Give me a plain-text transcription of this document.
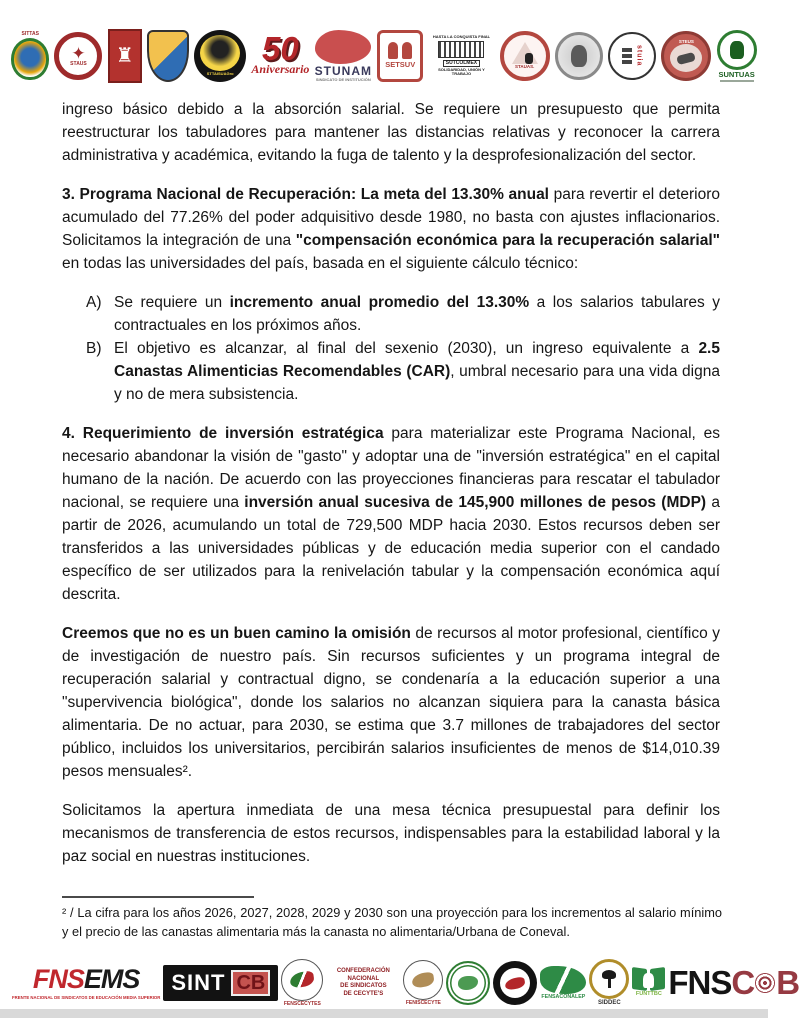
SITTAS
✦
STAUS ♜
STTAISUAGro
50
Aniversario STUNAM
SINDICATO DE INSTITUCIÓN
SETSUV
HASTA LA CONQUISTA FINAL
SUTCOLMEX
SOLIDARIDAD, UNIÓN Y TRABAJO
STAUAS.	stuia
STEUS
SUNTUAS

ingreso básico debido a la absorción salarial. Se requiere un presupuesto que permita reestructurar los tabuladores para mantener las distancias relativas y reconocer la carrera administrativa y académica, evitando la fuga de talento y la desprofesionalización del sector.

3. Programa Nacional de Recuperación: La meta del 13.30% anual para revertir el deterioro acumulado del 77.26% del poder adquisitivo desde 1980, no basta con ajustes inflacionarios. Solicitamos la integración de una "compensación económica para la recuperación salarial" en todas las universidades del país, basada en el siguiente cálculo técnico:

A) Se requiere un incremento anual promedio del 13.30% a los salarios tabulares y contractuales en los próximos años.
B) El objetivo es alcanzar, al final del sexenio (2030), un ingreso equivalente a 2.5 Canastas Alimenticias Recomendables (CAR), umbral necesario para una vida digna y no de mera subsistencia.

4. Requerimiento de inversión estratégica para materializar este Programa Nacional, es necesario abandonar la visión de "gasto" y adoptar una de "inversión estratégica" en el capital humano de la nación. De acuerdo con las proyecciones financieras para rescatar el tabulador nacional, se requiere una inversión anual sucesiva de 145,900 millones de pesos (MDP) a partir de 2026, acumulando un total de 729,500 MDP hacia 2030. Estos recursos deben ser transferidos a las universidades públicas y de educación media superior con el candado específico de ser utilizados para la renivelación tabular y la compensación económica aquí descrita.

Creemos que no es un buen camino la omisión de recursos al motor profesional, científico y de investigación de nuestro país. Sin recursos suficientes y un programa integral de recuperación salarial y contractual digno, se condenaría a la educación superior a una "supervivencia biológica", donde los salarios no alcanzan siquiera para la canasta básica alimentaria. De no actuar, para 2030, se estima que 3.7 millones de trabajadores del sector público, incluidos los universitarios, percibirán salarios insuficientes de menos de $14,010.39 pesos mensuales².

Solicitamos la apertura inmediata de una mesa técnica presupuestal para definir los mecanismos de transferencia de estos recursos, indispensables para la estabilidad laboral y la paz social en nuestras instituciones.

² / La cifra para los años 2026, 2027, 2028, 2029 y 2030 son una proyección para los incrementos al salario mínimo y el precio de las canastas alimentaria más la canasta no alimentaria/Urbana de Coneval.
FNS EMS
FRENTE NACIONAL DE SINDICATOS DE EDUCACIÓN MEDIA SUPERIOR
SINT CB
FENSCECYTES
CONFEDERACIÓN
NACIONAL
DE SINDICATOS
DE CECYTE'S
FENISCECYTE
FENSACONALEP
SIDDEC
FUNTTBC FNS C B
